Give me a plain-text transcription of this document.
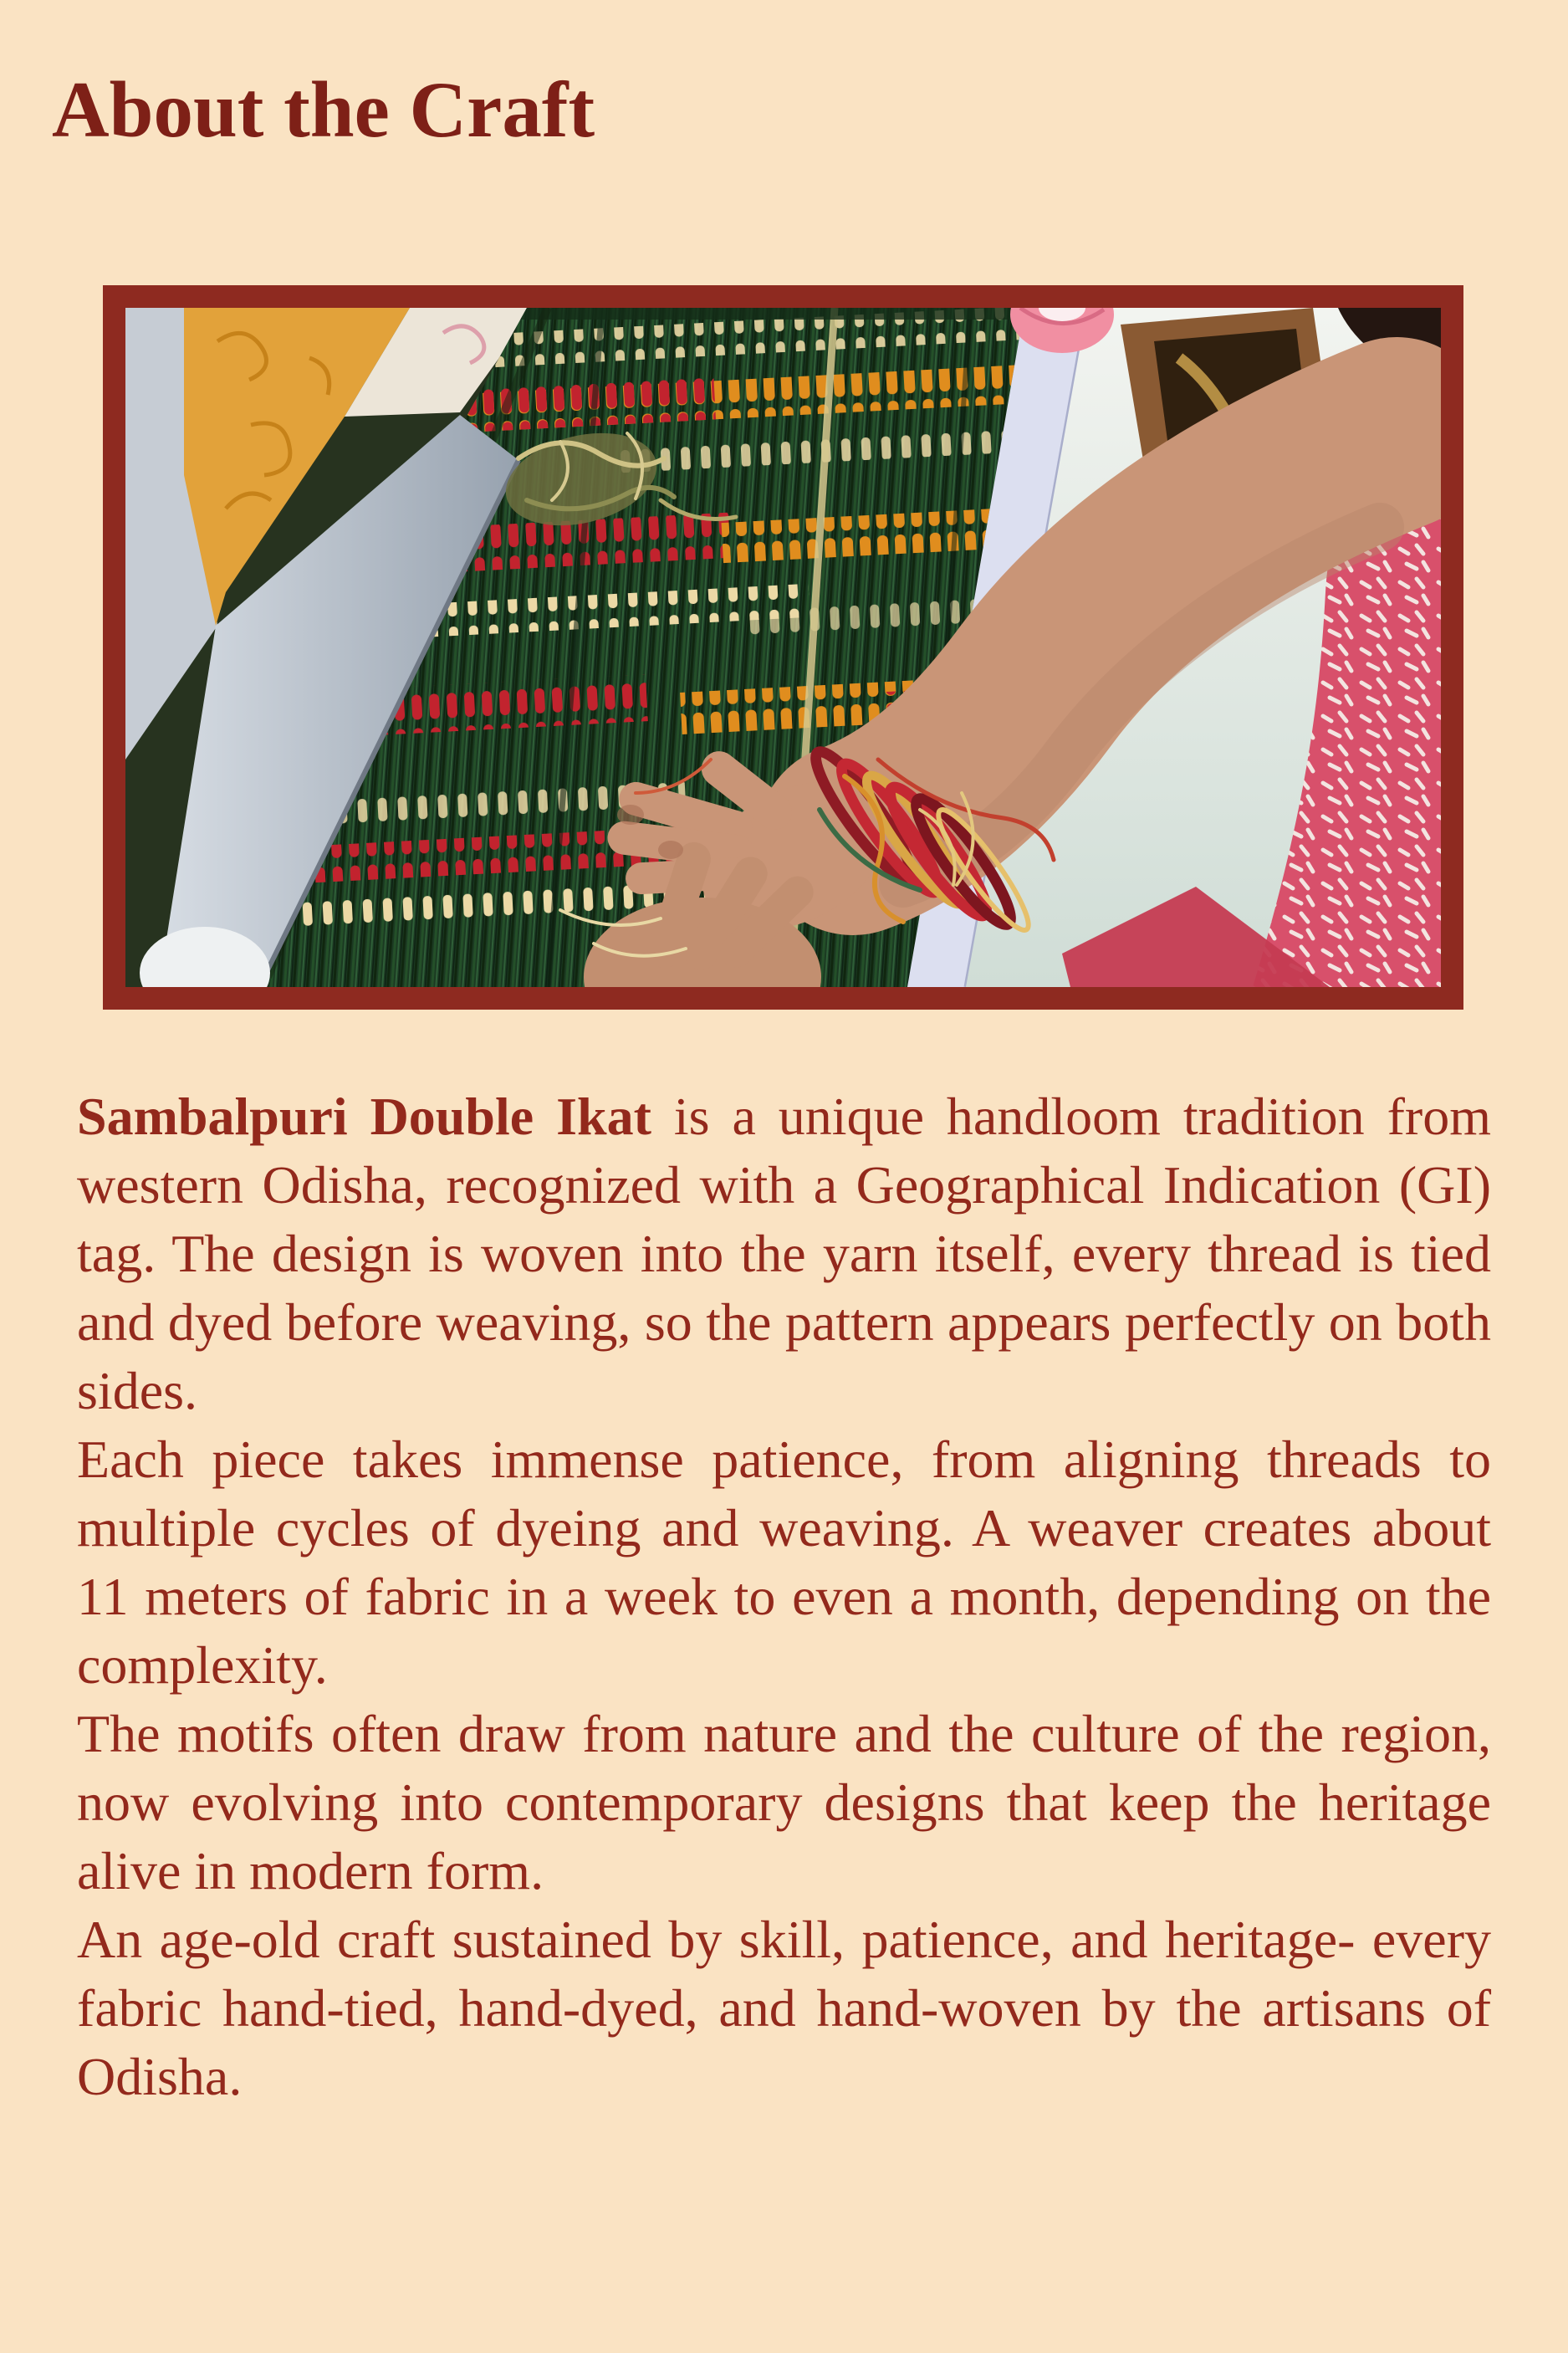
About the Craft

Sambalpuri Double Ikat is a unique handloom tradition from western Odisha, recognized with a Geographical Indication (GI) tag. The design is woven into the yarn itself, every thread is tied and dyed before weaving, so the pattern appears perfectly on both sides.

Each piece takes immense patience, from aligning threads to multiple cycles of dyeing and weaving. A weaver creates about 11 meters of fabric in a week to even a month, depending on the complexity.

The motifs often draw from nature and the culture of the region, now evolving into contemporary designs that keep the heritage alive in modern form.

An age-old craft sustained by skill, patience, and heritage- every fabric hand-tied, hand-dyed, and hand-woven by the artisans of Odisha.
